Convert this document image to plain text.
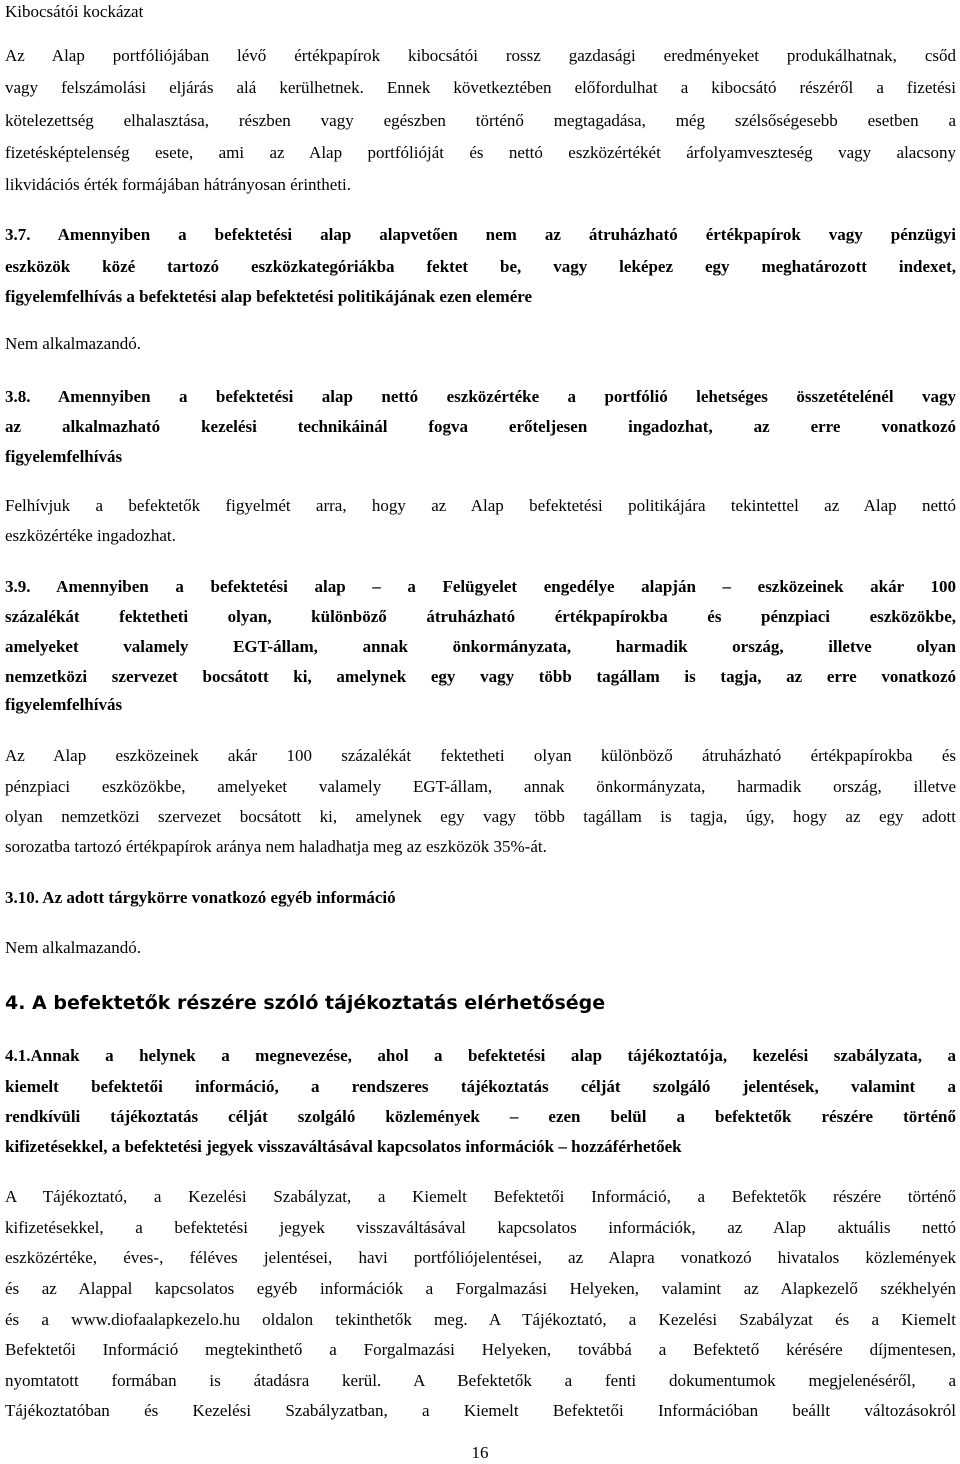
Kibocsátói kockázat
Az Alap portfóliójában lévő értékpapírok kibocsátói rossz gazdasági eredményeket produkálhatnak, csőd
vagy felszámolási eljárás alá kerülhetnek. Ennek következtében előfordulhat a kibocsátó részéről a fizetési
kötelezettség elhalasztása, részben vagy egészben történő megtagadása, még szélsőségesebb esetben a
fizetésképtelenség esete, ami az Alap portfólióját és nettó eszközértékét árfolyamveszteség vagy alacsony
likvidációs érték formájában hátrányosan érintheti.
3.7. Amennyiben a befektetési alap alapvetően nem az átruházható értékpapírok vagy pénzügyi
eszközök közé tartozó eszközkategóriákba fektet be, vagy leképez egy meghatározott indexet,
figyelemfelhívás a befektetési alap befektetési politikájának ezen elemére
Nem alkalmazandó.
3.8. Amennyiben a befektetési alap nettó eszközértéke a portfólió lehetséges összetételénél vagy
az alkalmazható kezelési technikáinál fogva erőteljesen ingadozhat, az erre vonatkozó
figyelemfelhívás
Felhívjuk a befektetők figyelmét arra, hogy az Alap befektetési politikájára tekintettel az Alap nettó
eszközértéke ingadozhat.
3.9. Amennyiben a befektetési alap – a Felügyelet engedélye alapján – eszközeinek akár 100
százalékát fektetheti olyan, különböző átruházható értékpapírokba és pénzpiaci eszközökbe,
amelyeket valamely EGT-állam, annak önkormányzata, harmadik ország, illetve olyan
nemzetközi szervezet bocsátott ki, amelynek egy vagy több tagállam is tagja, az erre vonatkozó
figyelemfelhívás
Az Alap eszközeinek akár 100 százalékát fektetheti olyan különböző átruházható értékpapírokba és
pénzpiaci eszközökbe, amelyeket valamely EGT-állam, annak önkormányzata, harmadik ország, illetve
olyan nemzetközi szervezet bocsátott ki, amelynek egy vagy több tagállam is tagja, úgy, hogy az egy adott
sorozatba tartozó értékpapírok aránya nem haladhatja meg az eszközök 35%-át.
3.10. Az adott tárgykörre vonatkozó egyéb információ
Nem alkalmazandó.
4. A befektetők részére szóló tájékoztatás elérhetősége
4.1.Annak a helynek a megnevezése, ahol a befektetési alap tájékoztatója, kezelési szabályzata, a
kiemelt befektetői információ, a rendszeres tájékoztatás célját szolgáló jelentések, valamint a
rendkívüli tájékoztatás célját szolgáló közlemények – ezen belül a befektetők részére történő
kifizetésekkel, a befektetési jegyek visszaváltásával kapcsolatos információk – hozzáférhetőek
A Tájékoztató, a Kezelési Szabályzat, a Kiemelt Befektetői Információ, a Befektetők részére történő
kifizetésekkel, a befektetési jegyek visszaváltásával kapcsolatos információk, az Alap aktuális nettó
eszközértéke, éves-, féléves jelentései, havi portfóliójelentései, az Alapra vonatkozó hivatalos közlemények
és az Alappal kapcsolatos egyéb információk a Forgalmazási Helyeken, valamint az Alapkezelő székhelyén
és a www.diofaalapkezelo.hu oldalon tekinthetők meg. A Tájékoztató, a Kezelési Szabályzat és a Kiemelt
Befektetői Információ megtekinthető a Forgalmazási Helyeken, továbbá a Befektető kérésére díjmentesen,
nyomtatott formában is átadásra kerül. A Befektetők a fenti dokumentumok megjelenéséről, a
Tájékoztatóban és Kezelési Szabályzatban, a Kiemelt Befektetői Információban beállt változásokról
16
